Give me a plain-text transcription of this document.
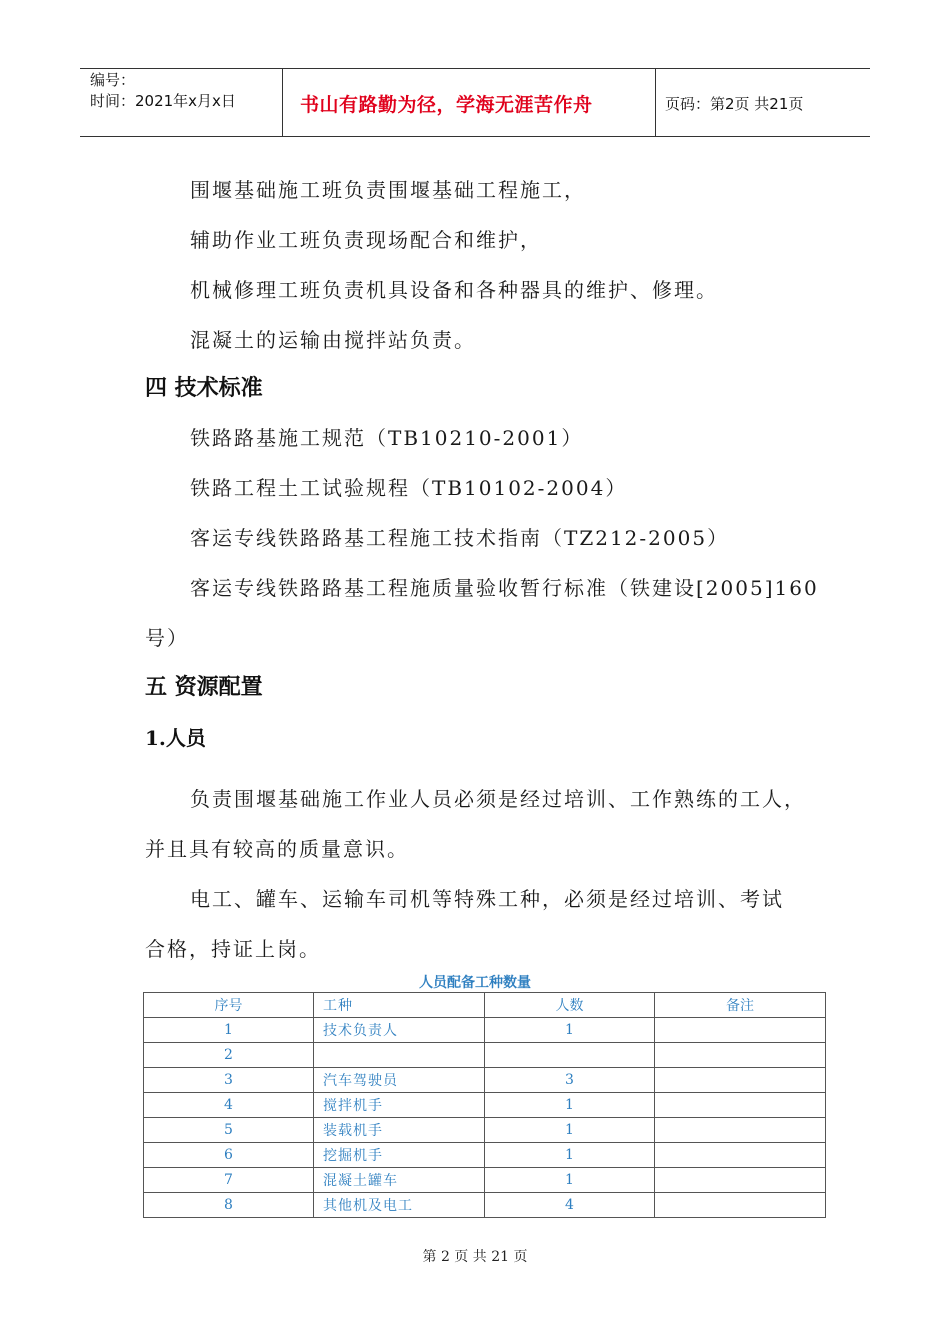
编号：
时间：2021年x月x日	书山有路勤为径，学海无涯苦作舟	页码：第2页 共21页
围堰基础施工班负责围堰基础工程施工，
辅助作业工班负责现场配合和维护，
机械修理工班负责机具设备和各种器具的维护、修理。
混凝土的运输由搅拌站负责。
四 技术标准
铁路路基施工规范（TB10210-2001）
铁路工程土工试验规程（TB10102-2004）
客运专线铁路路基工程施工技术指南（TZ212-2005）
客运专线铁路路基工程施质量验收暂行标准（铁建设[2005]160
号）
五 资源配置
1.人员
负责围堰基础施工作业人员必须是经过培训、工作熟练的工人，
并且具有较高的质量意识。
电工、罐车、运输车司机等特殊工种，必须是经过培训、考试
合格，持证上岗。
人员配备工种数量
序号	工种	人数	备注
1	技术负责人	1	
2			
3	汽车驾驶员	3	
4	搅拌机手	1	
5	装载机手	1	
6	挖掘机手	1	
7	混凝土罐车	1	
8	其他机及电工	4	
第 2 页 共 21 页
